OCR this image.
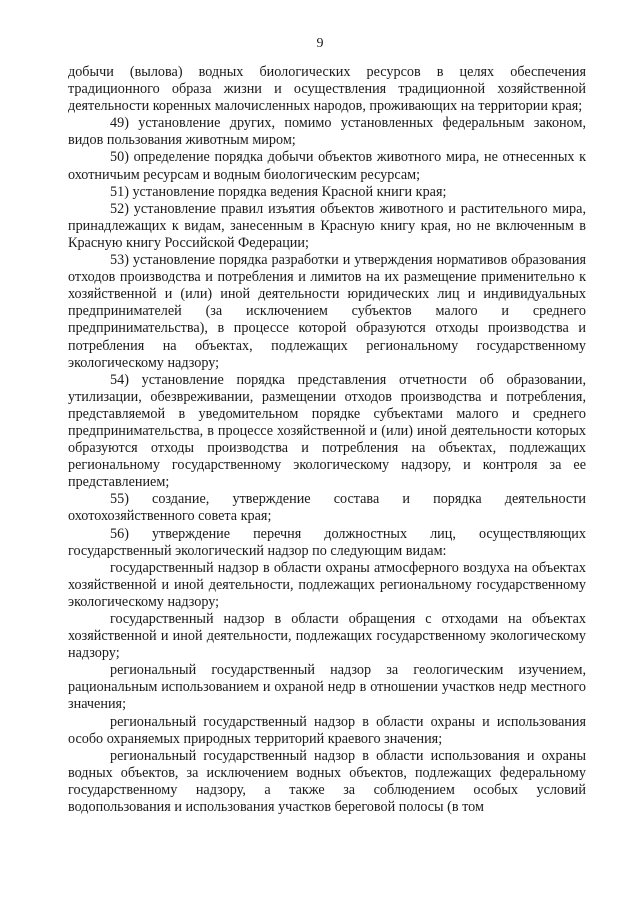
9

добычи (вылова) водных биологических ресурсов в целях обеспечения традиционного образа жизни и осуществления традиционной хозяйственной деятельности коренных малочисленных народов, проживающих на территории края;

49) установление других, помимо установленных федеральным законом, видов пользования животным миром;

50) определение порядка добычи объектов животного мира, не отнесенных к охотничьим ресурсам и водным биологическим ресурсам;

51) установление порядка ведения Красной книги края;

52) установление правил изъятия объектов животного и растительного мира, принадлежащих к видам, занесенным в Красную книгу края, но не включенным в Красную книгу Российской Федерации;

53) установление порядка разработки и утверждения нормативов образования отходов производства и потребления и лимитов на их размещение применительно к хозяйственной и (или) иной деятельности юридических лиц и индивидуальных предпринимателей (за исключением субъектов малого и среднего предпринимательства), в процессе которой образуются отходы производства и потребления на объектах, подлежащих региональному государственному экологическому надзору;

54) установление порядка представления отчетности об образовании, утилизации, обезвреживании, размещении отходов производства и потребления, представляемой в уведомительном порядке субъектами малого и среднего предпринимательства, в процессе хозяйственной и (или) иной деятельности которых образуются отходы производства и потребления на объектах, подлежащих региональному государственному экологическому надзору, и контроля за ее представлением;

55) создание, утверждение состава и порядка деятельности охотохозяйственного совета края;

56) утверждение перечня должностных лиц, осуществляющих государственный экологический надзор по следующим видам:

государственный надзор в области охраны атмосферного воздуха на объектах хозяйственной и иной деятельности, подлежащих региональному государственному экологическому надзору;

государственный надзор в области обращения с отходами на объектах хозяйственной и иной деятельности, подлежащих государственному экологическому надзору;

региональный государственный надзор за геологическим изучением, рациональным использованием и охраной недр в отношении участков недр местного значения;

региональный государственный надзор в области охраны и использования особо охраняемых природных территорий краевого значения;

региональный государственный надзор в области использования и охраны водных объектов, за исключением водных объектов, подлежащих федеральному государственному надзору, а также за соблюдением особых условий водопользования и использования участков береговой полосы (в том
